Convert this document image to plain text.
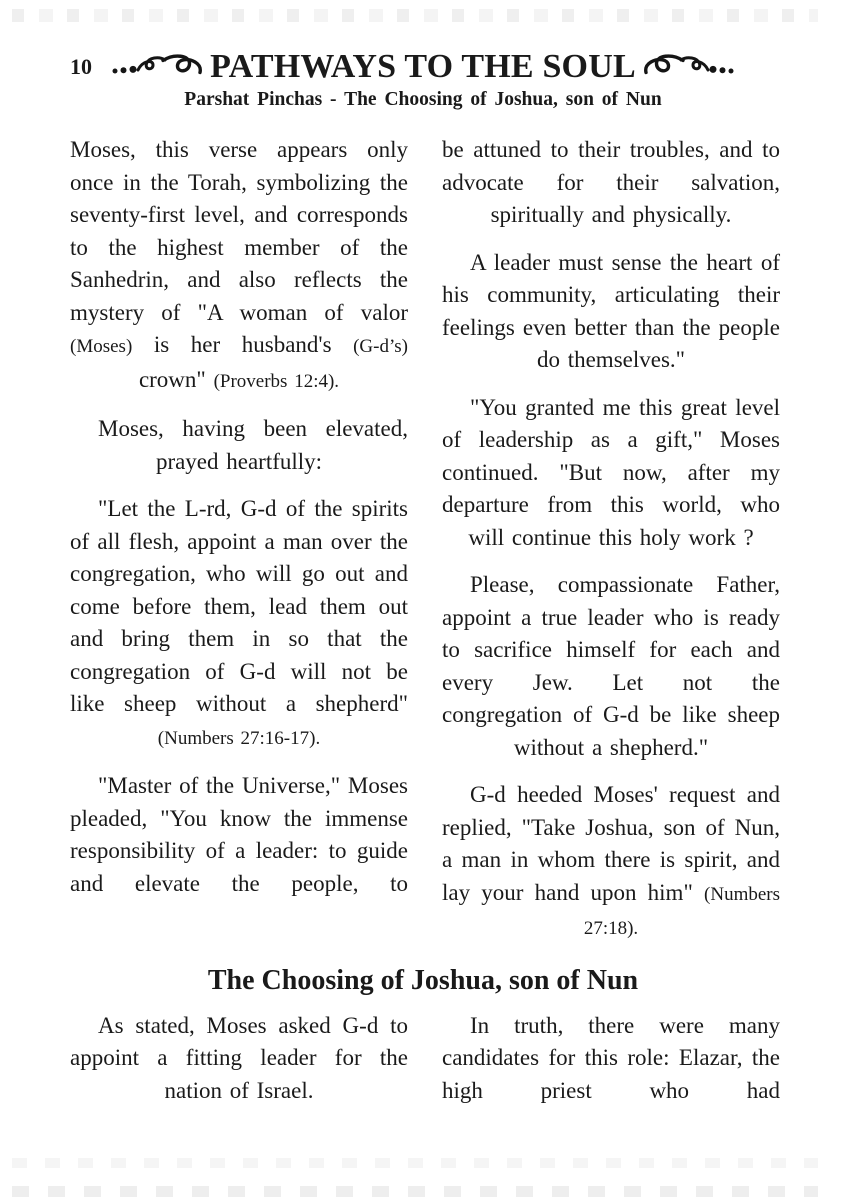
10	PATHWAYS TO THE SOUL
Parshat Pinchas - The Choosing of Joshua, son of Nun

Moses, this verse appears only once in the Torah, symbolizing the seventy-first level, and corresponds to the highest member of the Sanhedrin, and also reflects the mystery of "A woman of valor (Moses) is her husband's (G-d’s) crown" (Proverbs 12:4).

Moses, having been elevated, prayed heartfully:

"Let the L-rd, G-d of the spirits of all flesh, appoint a man over the congregation, who will go out and come before them, lead them out and bring them in so that the congregation of G-d will not be like sheep without a shepherd" (Numbers 27:16-17).

"Master of the Universe," Moses pleaded, "You know the immense responsibility of a leader: to guide and elevate the people, to

be attuned to their troubles, and to advocate for their salvation, spiritually and physically.

A leader must sense the heart of his community, articulating their feelings even better than the people do themselves."

"You granted me this great level of leadership as a gift," Moses continued. "But now, after my departure from this world, who will continue this holy work ?

Please, compassionate Father, appoint a true leader who is ready to sacrifice himself for each and every Jew. Let not the congregation of G-d be like sheep without a shepherd."

G-d heeded Moses' request and replied, "Take Joshua, son of Nun, a man in whom there is spirit, and lay your hand upon him" (Numbers 27:18).

The Choosing of Joshua, son of Nun

As stated, Moses asked G-d to appoint a fitting leader for the nation of Israel.

In truth, there were many candidates for this role: Elazar, the high priest who had
